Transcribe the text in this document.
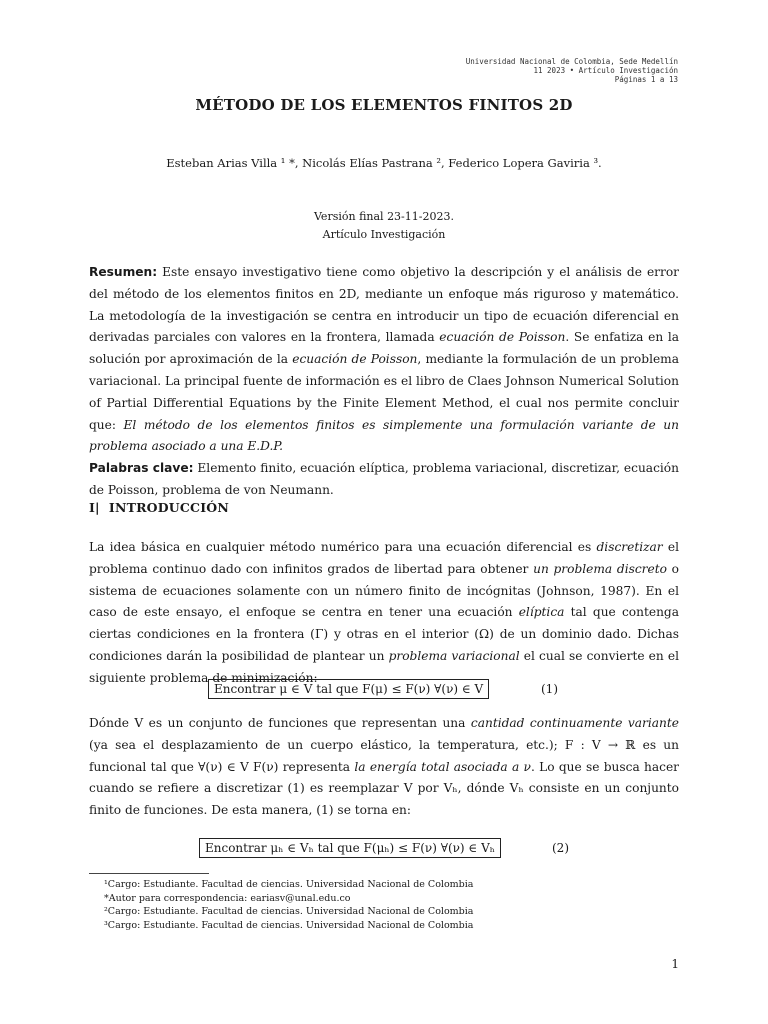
Universidad Nacional de Colombia, Sede Medellín
11 2023 • Artículo Investigación
Páginas 1 a 13
MÉTODO DE LOS ELEMENTOS FINITOS 2D
Esteban Arias Villa ¹ *, Nicolás Elías Pastrana ², Federico Lopera Gaviria ³.
Versión final 23-11-2023.
Artículo Investigación

Resumen: Este ensayo investigativo tiene como objetivo la descripción y el análisis de error del método de los elementos finitos en 2D, mediante un enfoque más riguroso y matemático. La metodología de la investigación se centra en introducir un tipo de ecuación diferencial en derivadas parciales con valores en la frontera, llamada ecuación de Poisson. Se enfatiza en la solución por aproximación de la ecuación de Poisson, mediante la formulación de un problema variacional. La principal fuente de información es el libro de Claes Johnson Numerical Solution of Partial Differential Equations by the Finite Element Method, el cual nos permite concluir que: El método de los elementos finitos es simplemente una formulación variante de un problema asociado a una E.D.P.

Palabras clave: Elemento finito, ecuación elíptica, problema variacional, discretizar, ecuación de Poisson, problema de von Neumann.

I| INTRODUCCIÓN

La idea básica en cualquier método numérico para una ecuación diferencial es discretizar el problema continuo dado con infinitos grados de libertad para obtener un problema discreto o sistema de ecuaciones solamente con un número finito de incógnitas (Johnson, 1987). En el caso de este ensayo, el enfoque se centra en tener una ecuación elíptica tal que contenga ciertas condiciones en la frontera (Γ) y otras en el interior (Ω) de un dominio dado. Dichas condiciones darán la posibilidad de plantear un problema variacional el cual se convierte en el siguiente problema de minimización:

Encontrar μ ∈ V tal que F(μ) ≤ F(ν) ∀(ν) ∈ V	(1)

Dónde V es un conjunto de funciones que representan una cantidad continuamente variante (ya sea el desplazamiento de un cuerpo elástico, la temperatura, etc.); F : V → ℝ es un funcional tal que ∀(ν) ∈ V F(ν) representa la energía total asociada a ν. Lo que se busca hacer cuando se refiere a discretizar (1) es reemplazar V por Vₕ, dónde Vₕ consiste en un conjunto finito de funciones. De esta manera, (1) se torna en:

Encontrar μₕ ∈ Vₕ tal que F(μₕ) ≤ F(ν) ∀(ν) ∈ Vₕ	(2)
¹Cargo: Estudiante. Facultad de ciencias. Universidad Nacional de Colombia
*Autor para correspondencia: eariasv@unal.edu.co
²Cargo: Estudiante. Facultad de ciencias. Universidad Nacional de Colombia
³Cargo: Estudiante. Facultad de ciencias. Universidad Nacional de Colombia
1
